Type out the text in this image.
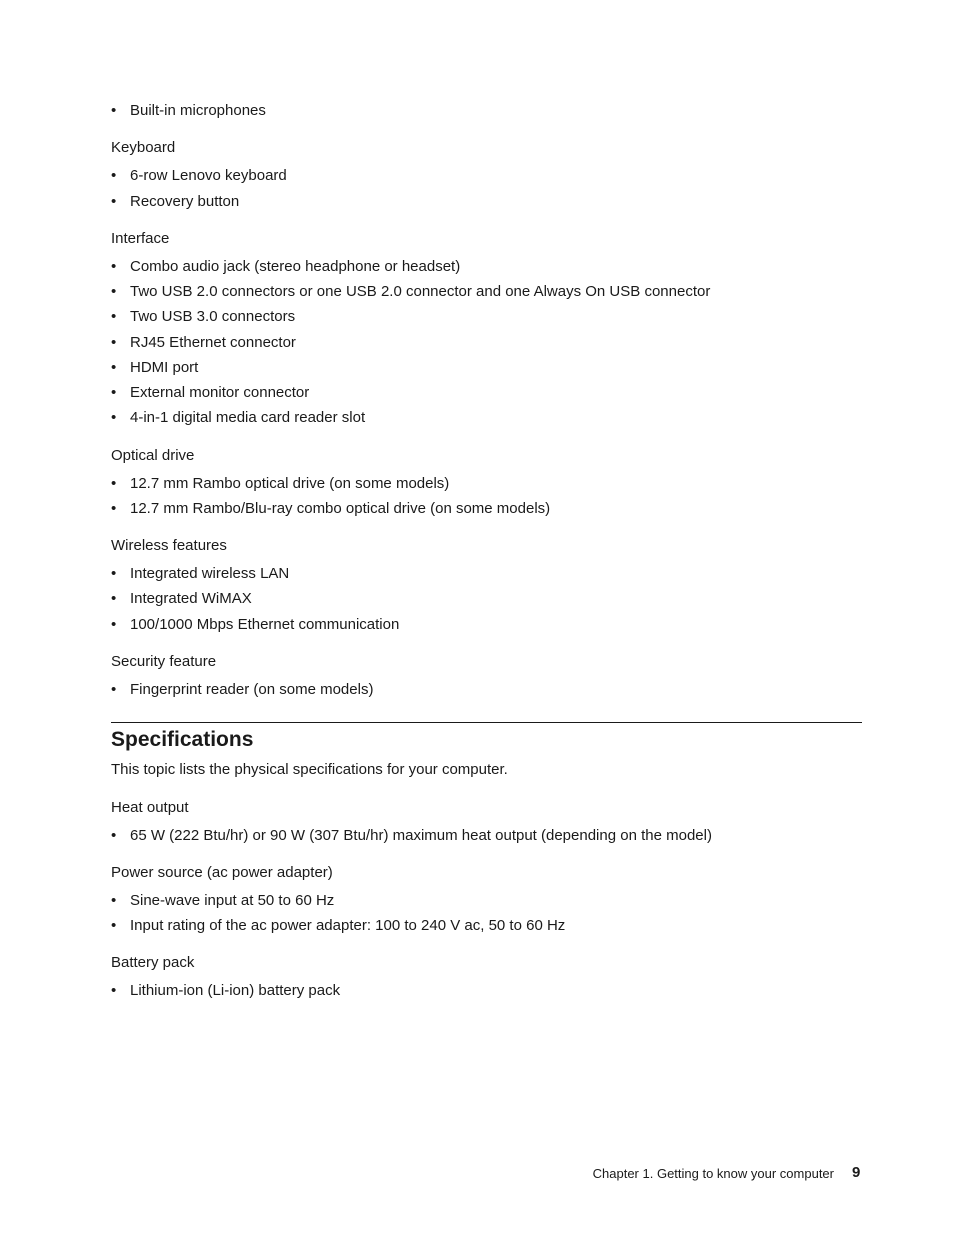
• Built-in microphones
Keyboard
• 6-row Lenovo keyboard
• Recovery button
Interface
• Combo audio jack (stereo headphone or headset)
• Two USB 2.0 connectors or one USB 2.0 connector and one Always On USB connector
• Two USB 3.0 connectors
• RJ45 Ethernet connector
• HDMI port
• External monitor connector
• 4-in-1 digital media card reader slot
Optical drive
• 12.7 mm Rambo optical drive (on some models)
• 12.7 mm Rambo/Blu-ray combo optical drive (on some models)
Wireless features
• Integrated wireless LAN
• Integrated WiMAX
• 100/1000 Mbps Ethernet communication
Security feature
• Fingerprint reader (on some models)
Specifications
This topic lists the physical specifications for your computer.
Heat output
• 65 W (222 Btu/hr) or 90 W (307 Btu/hr) maximum heat output (depending on the model)
Power source (ac power adapter)
• Sine-wave input at 50 to 60 Hz
• Input rating of the ac power adapter: 100 to 240 V ac, 50 to 60 Hz
Battery pack
• Lithium-ion (Li-ion) battery pack
Chapter 1. Getting to know your computer 9
